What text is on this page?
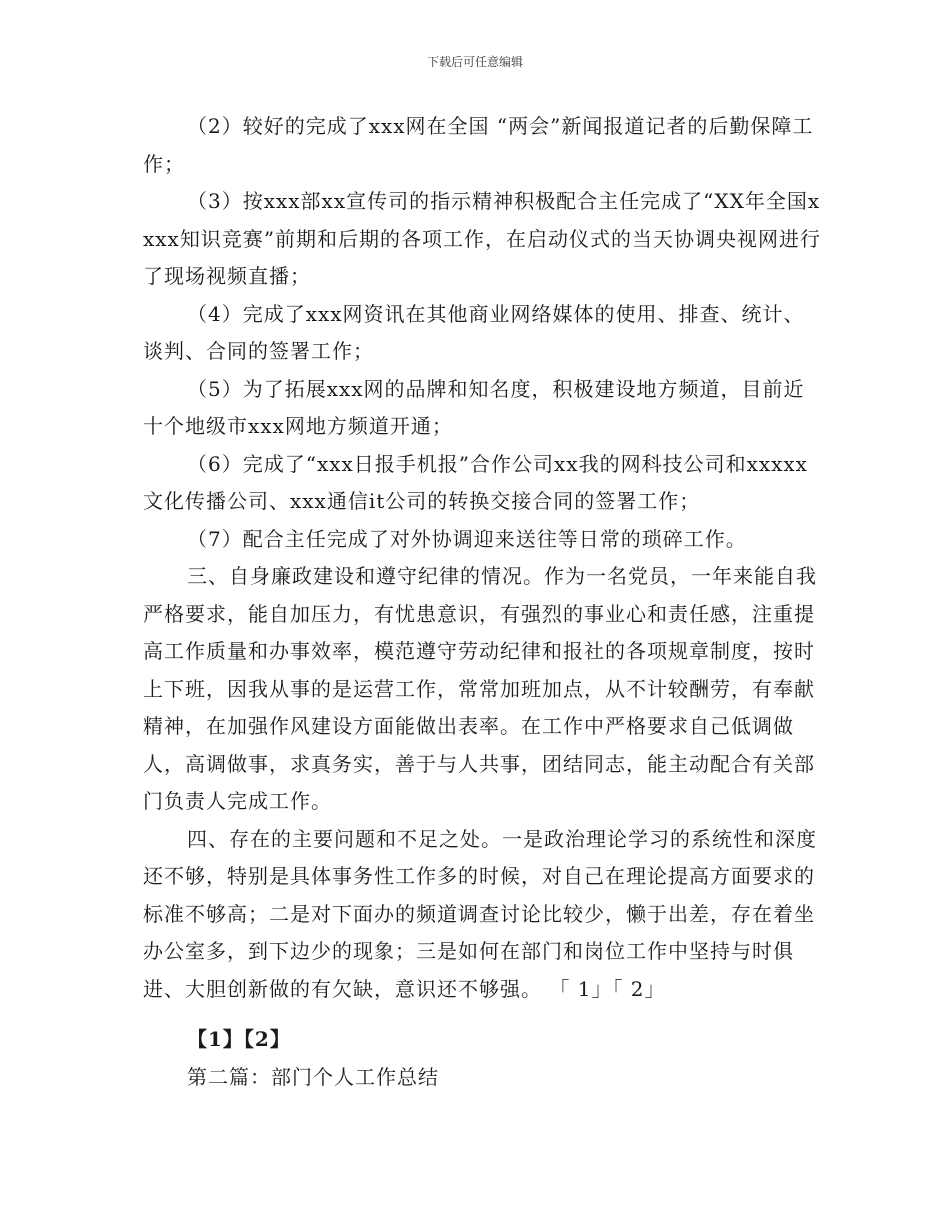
下载后可任意编辑

（2）较好的完成了xxx网在全国 “两会”新闻报道记者的后勤保障工作；

（3）按xxx部xx宣传司的指示精神积极配合主任完成了“XX年全国xxxx知识竞赛”前期和后期的各项工作，在启动仪式的当天协调央视网进行了现场视频直播；

（4）完成了xxx网资讯在其他商业网络媒体的使用、排查、统计、谈判、合同的签署工作；

（5）为了拓展xxx网的品牌和知名度，积极建设地方频道，目前近十个地级市xxx网地方频道开通；

（6）完成了“xxx日报手机报”合作公司xx我的网科技公司和xxxxx文化传播公司、xxx通信it公司的转换交接合同的签署工作；

（7）配合主任完成了对外协调迎来送往等日常的琐碎工作。

三、自身廉政建设和遵守纪律的情况。作为一名党员，一年来能自我严格要求，能自加压力，有忧患意识，有强烈的事业心和责任感，注重提高工作质量和办事效率，模范遵守劳动纪律和报社的各项规章制度，按时上下班，因我从事的是运营工作，常常加班加点，从不计较酬劳，有奉献精神，在加强作风建设方面能做出表率。在工作中严格要求自己低调做人，高调做事，求真务实，善于与人共事，团结同志，能主动配合有关部门负责人完成工作。

四、存在的主要问题和不足之处。一是政治理论学习的系统性和深度还不够，特别是具体事务性工作多的时候，对自己在理论提高方面要求的标准不够高；二是对下面办的频道调查讨论比较少，懒于出差，存在着坐办公室多，到下边少的现象；三是如何在部门和岗位工作中坚持与时俱进、大胆创新做的有欠缺，意识还不够强。 「 1」「 2」

【1】【2】

第二篇：部门个人工作总结
